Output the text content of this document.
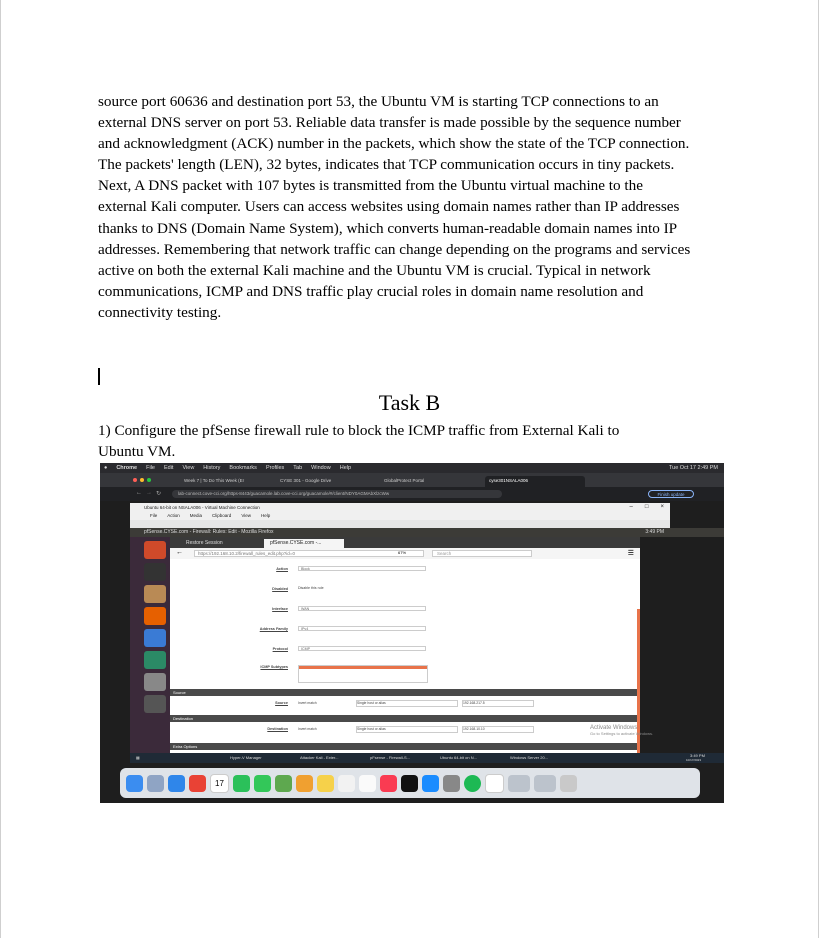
source port 60636 and destination port 53, the Ubuntu VM is starting TCP connections to an
external DNS server on port 53. Reliable data transfer is made possible by the sequence number
and acknowledgment (ACK) number in the packets, which show the state of the TCP connection.
The packets' length (LEN), 32 bytes, indicates that TCP communication occurs in tiny packets.
Next, A DNS packet with 107 bytes is transmitted from the Ubuntu virtual machine to the
external Kali computer. Users can access websites using domain names rather than IP addresses
thanks to DNS (Domain Name System), which converts human-readable domain names into IP
addresses. Remembering that network traffic can change depending on the programs and services
active on both the external Kali machine and the Ubuntu VM is crucial. Typical in network
communications, ICMP and DNS traffic play crucial roles in domain name resolution and
connectivity testing.
Task B
1) Configure the pfSense firewall rule to block the ICMP traffic from External Kali to
Ubuntu VM.
● Chrome File Edit View History Bookmarks Profiles Tab Window Help	Tue Oct 17 2:49 PM
Week 7 | To Do This Week (Er	CYSE 301 - Google Drive	GlobalProtect Portal	cyse301NSALA006
← → ↻	lab-connect.cove-cci.org/https-8443/guacamole.lab.cove-cci.org/guacamole/#/client/NDY0AGMAbXlzcWw	Finish update
Ubuntu 64-bit on NSALA006 - Virtual Machine Connection	– □ ×
File Action Media Clipboard View Help
pfSense.CYSE.com - Firewall: Rules: Edit - Mozilla Firefox	3:49 PM
Restore Session	pfSense.CYSE.com -...
←	https://192.168.10.2/firewall_rules_edit.php?id=0	67%	Search	☰
Action	Block
Disabled	Disable this rule
Interface	WAN
Address Family	IPv4
Protocol	ICMP
ICMP Subtypes
Source
Source	Invert match	Single host or alias	192.168.217.5
Destination
Destination	Invert match	Single host or alias	192.168.10.10
Extra Options
Activate Windows
Go to Settings to activate Windows.
▦	Hyper-V Manager	Attacker Kali - Exter...	pFsense - Firewall-S...	Ubuntu 64-bit on N...	Windows Server 20...	3:49 PM
10/17/2023
17
